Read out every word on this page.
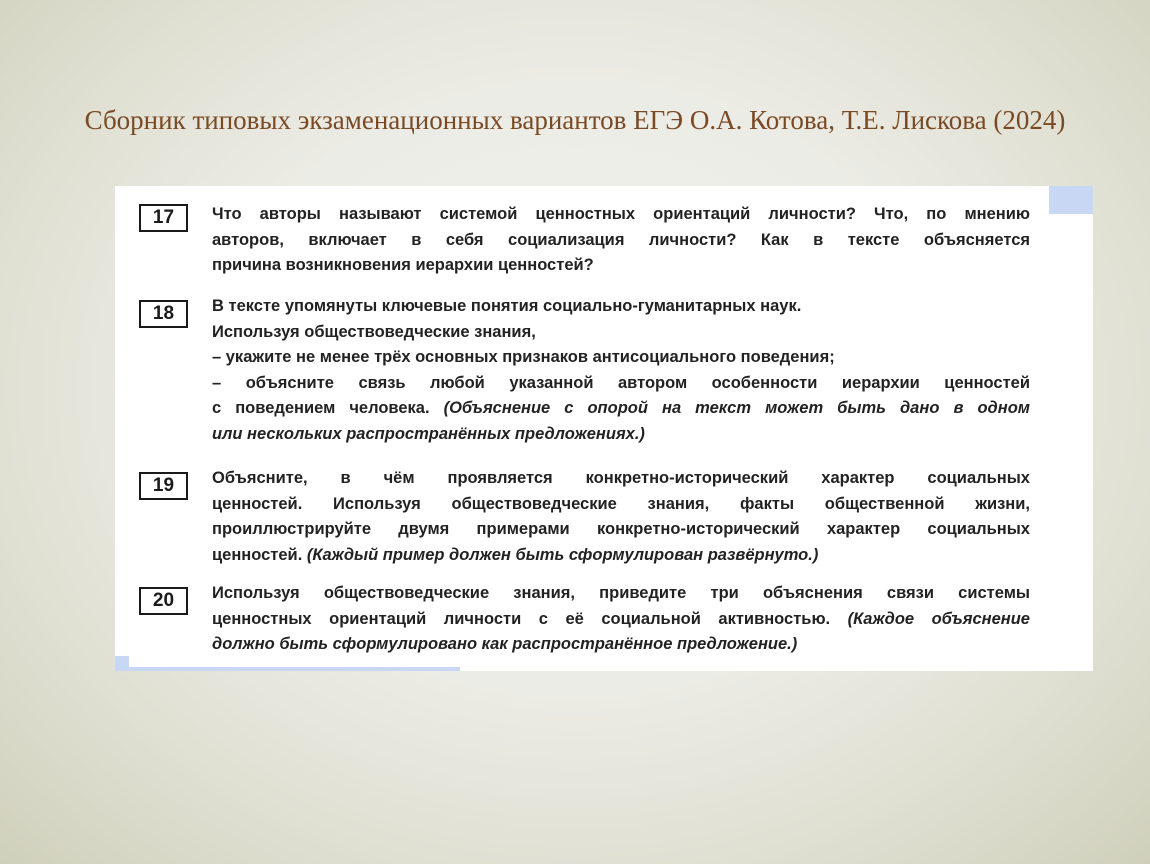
Сборник типовых экзаменационных вариантов ЕГЭ О.А. Котова, Т.Е. Лискова (2024)
17	Что авторы называют системой ценностных ориентаций личности? Что, по мнению

авторов, включает в себя социализация личности? Как в тексте объясняется

причина возникновения иерархии ценностей?

18	В тексте упомянуты ключевые понятия социально-гуманитарных наук.

Используя обществоведческие знания,

– укажите не менее трёх основных признаков антисоциального поведения;

– объясните связь любой указанной автором особенности иерархии ценностей

с поведением человека. (Объяснение с опорой на текст может быть дано в одном

или нескольких распространённых предложениях.)

19	Объясните, в чём проявляется конкретно-исторический характер социальных

ценностей. Используя обществоведческие знания, факты общественной жизни,

проиллюстрируйте двумя примерами конкретно-исторический характер социальных

ценностей. (Каждый пример должен быть сформулирован развёрнуто.)

20	Используя обществоведческие знания, приведите три объяснения связи системы

ценностных ориентаций личности с её социальной активностью. (Каждое объяснение

должно быть сформулировано как распространённое предложение.)
